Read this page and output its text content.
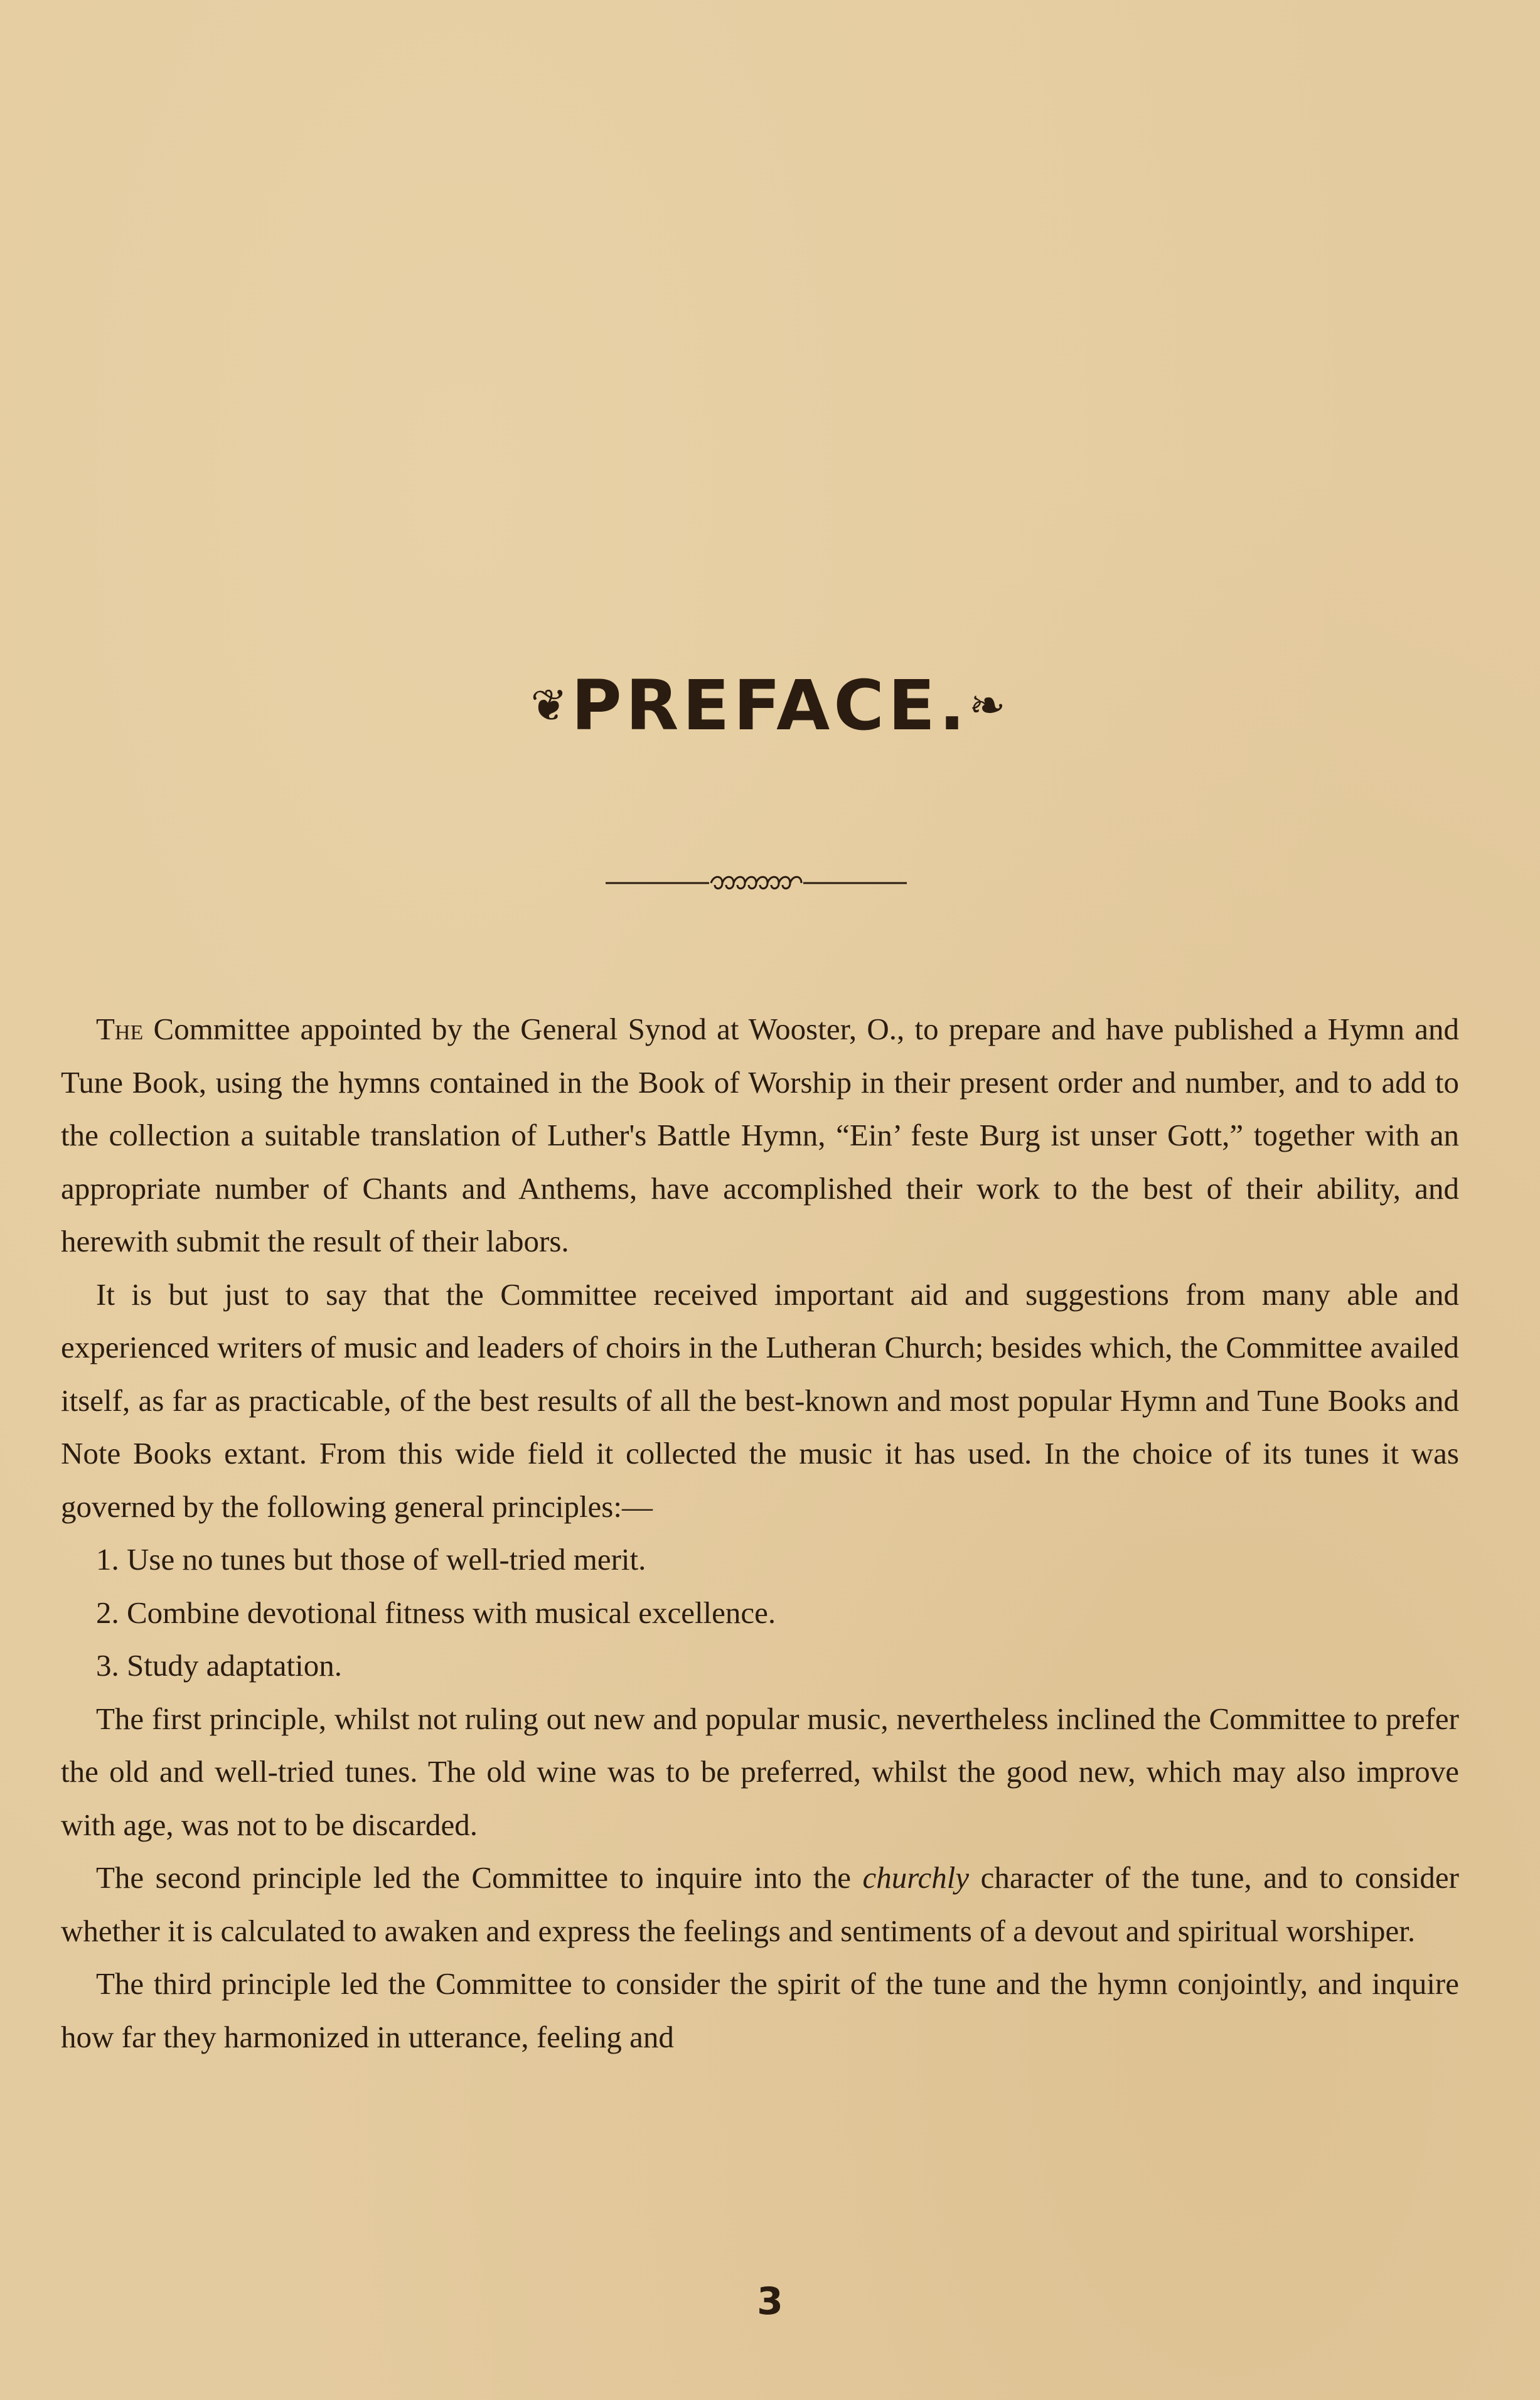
❦PREFACE.❧

The Committee appointed by the General Synod at Wooster, O., to prepare and have published a Hymn and Tune Book, using the hymns contained in the Book of Worship in their present order and number, and to add to the collection a suitable translation of Luther's Battle Hymn, “Ein’ feste Burg ist unser Gott,” together with an appropriate number of Chants and Anthems, have accomplished their work to the best of their ability, and herewith submit the result of their labors.

It is but just to say that the Committee received important aid and suggestions from many able and experienced writers of music and leaders of choirs in the Lutheran Church; besides which, the Committee availed itself, as far as practicable, of the best results of all the best-known and most popular Hymn and Tune Books and Note Books extant. From this wide field it collected the music it has used. In the choice of its tunes it was governed by the following general principles:—

1. Use no tunes but those of well-tried merit.

2. Combine devotional fitness with musical excellence.

3. Study adaptation.

The first principle, whilst not ruling out new and popular music, nevertheless inclined the Committee to prefer the old and well-tried tunes. The old wine was to be preferred, whilst the good new, which may also improve with age, was not to be discarded.

The second principle led the Committee to inquire into the churchly character of the tune, and to consider whether it is calculated to awaken and express the feelings and sentiments of a devout and spiritual worshiper.

The third principle led the Committee to consider the spirit of the tune and the hymn conjointly, and inquire how far they harmonized in utterance, feeling and

3
